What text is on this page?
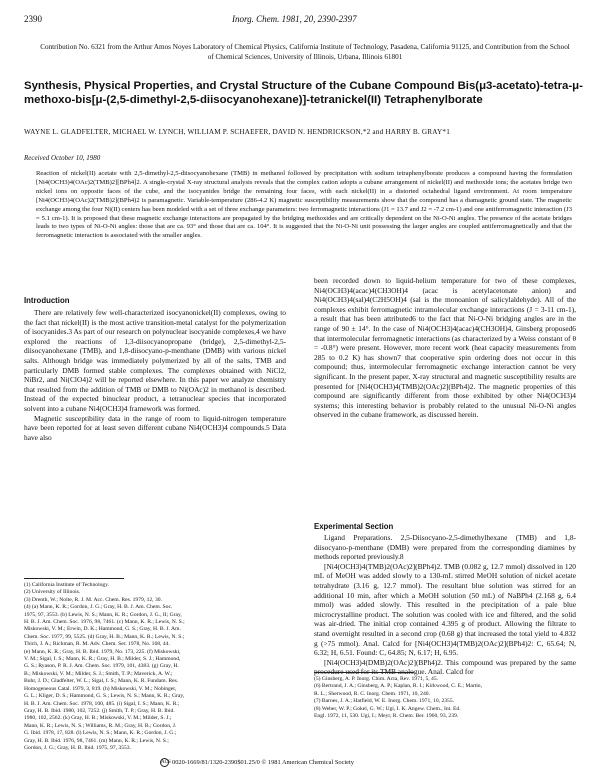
2390	Inorg. Chem. 1981, 20, 2390-2397
Contribution No. 6321 from the Arthur Amos Noyes Laboratory of Chemical Physics, California Institute of Technology, Pasadena, California 91125, and Contribution from the School of Chemical Sciences, University of Illinois, Urbana, Illinois 61801
Synthesis, Physical Properties, and Crystal Structure of the Cubane Compound Bis(μ3-acetato)-tetra-μ-methoxo-bis[μ-(2,5-dimethyl-2,5-diisocyanohexane)]-tetranickel(II) Tetraphenylborate
WAYNE L. GLADFELTER, MICHAEL W. LYNCH, WILLIAM P. SCHAEFER, DAVID N. HENDRICKSON,*2 and HARRY B. GRAY*1
Received October 10, 1980
Reaction of nickel(II) acetate with 2,5-dimethyl-2,5-diisocyanohexane (TMB) in methanol followed by precipitation with sodium tetraphenylborate produces a compound having the formulation [Ni4(OCH3)4(OAc)2(TMB)2][BPh4]2. A single-crystal X-ray structural analysis reveals that the complex cation adopts a cubane arrangement of nickel(II) and methoxide ions; the acetates bridge two nickel ions on opposite faces of the cube, and the isocyanides bridge the remaining four faces, with each nickel(II) in a distorted octahedral ligand environment. At room temperature [Ni4(OCH3)4(OAc)2(TMB)2](BPh4)2 is paramagnetic. Variable-temperature (286-4.2 K) magnetic susceptibility measurements show that the compound has a diamagnetic ground state. The magnetic exchange among the four Ni(II) centers has been modeled with a set of three exchange parameters: two ferromagnetic interactions (J1 = 13.7 and J2 = -7.2 cm-1) and one antiferromagnetic interaction (J3 = 5.1 cm-1). It is proposed that these magnetic exchange interactions are propagated by the bridging methoxides and are critically dependent on the Ni-O-Ni angles. The presence of the acetate bridges leads to two types of Ni-O-Ni angles: those that are ca. 93° and those that are ca. 104°. It is suggested that the Ni-O-Ni unit possessing the larger angles are coupled antiferromagnetically and that the ferromagnetic interaction is associated with the smaller angles.
Introduction

There are relatively few well-characterized isocyanonickel(II) complexes, owing to the fact that nickel(II) is the most active transition-metal catalyst for the polymerization of isocyanides.3 As part of our research on polynuclear isocyanide complexes,4 we have explored the reactions of 1,3-diisocyanopropane (bridge), 2,5-dimethyl-2,5-diisocyanohexane (TMB), and 1,8-diisocyano-p-menthane (DMB) with various nickel salts. Although bridge was immediately polymerized by all of the salts, TMB and particularly DMB formed stable complexes. The complexes obtained with NiCl2, NiBr2, and Ni(ClO4)2 will be reported elsewhere. In this paper we analyze chemistry that resulted from the addition of TMB or DMB to Ni(OAc)2 in methanol is described. Instead of the expected binuclear product, a tetranuclear species that incorporated solvent into a cubane Ni4(OCH3)4 framework was formed.

Magnetic susceptibility data in the range of room to liquid-nitrogen temperature have been reported for at least seven different cubane Ni4(OCH3)4 compounds.5 Data have also

been recorded down to liquid-helium temperature for two of these complexes, Ni4(OCH3)4(acac)4(CH3OH)4 (acac is acetylacetonate anion) and Ni4(OCH3)4(sal)4(C2H5OH)4 (sal is the monoanion of salicylaldehyde). All of the complexes exhibit ferromagnetic intramolecular exchange interactions (J = 3-11 cm-1), a result that has been attributed6 to the fact that Ni-O-Ni bridging angles are in the range of 90 ± 14°. In the case of Ni4(OCH3)4(acac)4(CH3OH)4, Ginsberg proposed6 that intermolecular ferromagnetic interactions (as characterized by a Weiss constant of θ = -0.8°) were present. However, more recent work (heat capacity measurements from 285 to 0.2 K) has shown7 that cooperative spin ordering does not occur in this compound; thus, intermolecular ferromagnetic exchange interaction cannot be very significant. In the present paper, X-ray structural and magnetic susceptibility results are presented for [Ni4(OCH3)4(TMB)2(OAc)2](BPh4)2. The magnetic properties of this compound are significantly different from those exhibited by other Ni4(OCH3)4 systems; this interesting behavior is probably related to the unusual Ni-O-Ni angles observed in the cubane framework, as discussed herein.

Experimental Section

Ligand Preparations. 2,5-Diisocyano-2,5-dimethylhexane (TMB) and 1,8-diisocyano-p-menthane (DMB) were prepared from the corresponding diamines by methods reported previously.8

[Ni4(OCH3)4(TMB)2(OAc)2](BPh4)2. TMB (0.082 g, 12.7 mmol) dissolved in 120 mL of MeOH was added slowly to a 130-mL stirred MeOH solution of nickel acetate tetrahydrate (3.16 g, 12.7 mmol). The resultant blue solution was stirred for an additional 10 min, after which a MeOH solution (50 mL) of NaBPh4 (2.168 g, 6.4 mmol) was added slowly. This resulted in the precipitation of a pale blue microcrystalline product. The solution was cooled with ice and filtered, and the solid was air-dried. The initial crop contained 4.395 g of product. Allowing the filtrate to stand overnight resulted in a second crop (0.68 g) that increased the total yield to 4.832 g (>75 mmol). Anal. Calcd for [Ni4(OCH3)4(TMB)2(OAc)2](BPh4)2: C, 65.64; N, 6.32; H, 6.51. Found: C, 64.85; N, 6.17; H, 6.95.

[Ni4(OCH3)4(DMB)2(OAc)2](BPh4)2. This compound was prepared by the same procedure used for its TMB analogue. Anal. Calcd for

(1) California Institute of Technology.
(2) University of Illinois.
(3) Drenth, W.; Nolte, R. J. M. Acc. Chem. Res. 1979, 12, 30.
(4) (a) Mann, K. R.; Gordon, J. G.; Gray, H. B. J. Am. Chem. Soc.
1975, 97, 3553. (b) Lewis, N. S.; Mann, K. R.; Gordon, J. G., II; Gray,
H. B. J. Am. Chem. Soc. 1976, 98, 7461. (c) Mann, K. R.; Lewis, N. S.;
Miskowski, V. M.; Erwin, D. K.; Hammond, G. S.; Gray, H. B. J. Am.
Chem. Soc. 1977, 99, 5525. (d) Gray, H. B.; Mann, K. R.; Lewis, N. S.;
Thich, J. A.; Richman, R. M. Adv. Chem. Ser. 1978, No. 168, 44.
(e) Mann, K. R.; Gray, H. B. Ibid. 1979, No. 173, 225. (f) Miskowski,
V. M.; Sigal, I. S.; Mann, K. R.; Gray, H. B.; Milder, S. J.; Hammond,
G. S.; Ryason, P. R. J. Am. Chem. Soc. 1979, 101, 4383. (g) Gray, H.
B.; Miskowski, V. M.; Milder, S. J.; Smith, T. P.; Maverick, A. W.;
Buhr, J. D.; Gladfelter, W. L.; Sigal, I. S.; Mann, K. R. Fundam. Res.
Homogeneous Catal. 1979, 3, 819. (h) Miskowski, V. M.; Nobinger,
G. L.; Kliger, D. S.; Hammond, G. S.; Lewis, N. S.; Mann, K. R.; Gray,
H. B. J. Am. Chem. Soc. 1978, 100, 485. (i) Sigal, I. S.; Mann, K. R.;
Gray, H. B. Ibid. 1980, 102, 7252. (j) Smith, T. P.; Gray, H. B. Ibid.
1980, 102, 2562. (k) Gray, H. B.; Miskowski, V. M.; Milder, S. J.;
Mann, K. R.; Lewis, N. S.; Williams, R. M.; Gray, H. B.; Gordon, J.
G. Ibid. 1978, 17, 828. (l) Lewis, N. S.; Mann, K. R.; Gordon, J. G.;
Gray, H. B. Ibid. 1976, 98, 7461. (m) Mann, K. R.; Lewis, N. S.;
Gordon, J. G.; Gray, H. B. Ibid. 1975, 97, 3553.
(5) Ginsberg, A. P. Inorg. Chim. Acta, Rev. 1971, 5, 45.
(6) Bertrand, J. A.; Ginsberg, A. P.; Kaplan, R. I.; Kirkwood, C. E.; Martin,
R. L.; Sherwood, R. C. Inorg. Chem. 1971, 10, 240.
(7) Barnes, J. A.; Hatfield, W. E. Inorg. Chem. 1971, 10, 2355.
(8) Weber, W. P.; Gokel, G. W.; Ugi, I. K. Angew. Chem., Int. Ed.
Engl. 1972, 11, 530. Ugi, I.; Meyr, R. Chem. Ber. 1960, 93, 239.
ACS0020-1669/81/1320-2390$01.25/0 © 1981 American Chemical Society
